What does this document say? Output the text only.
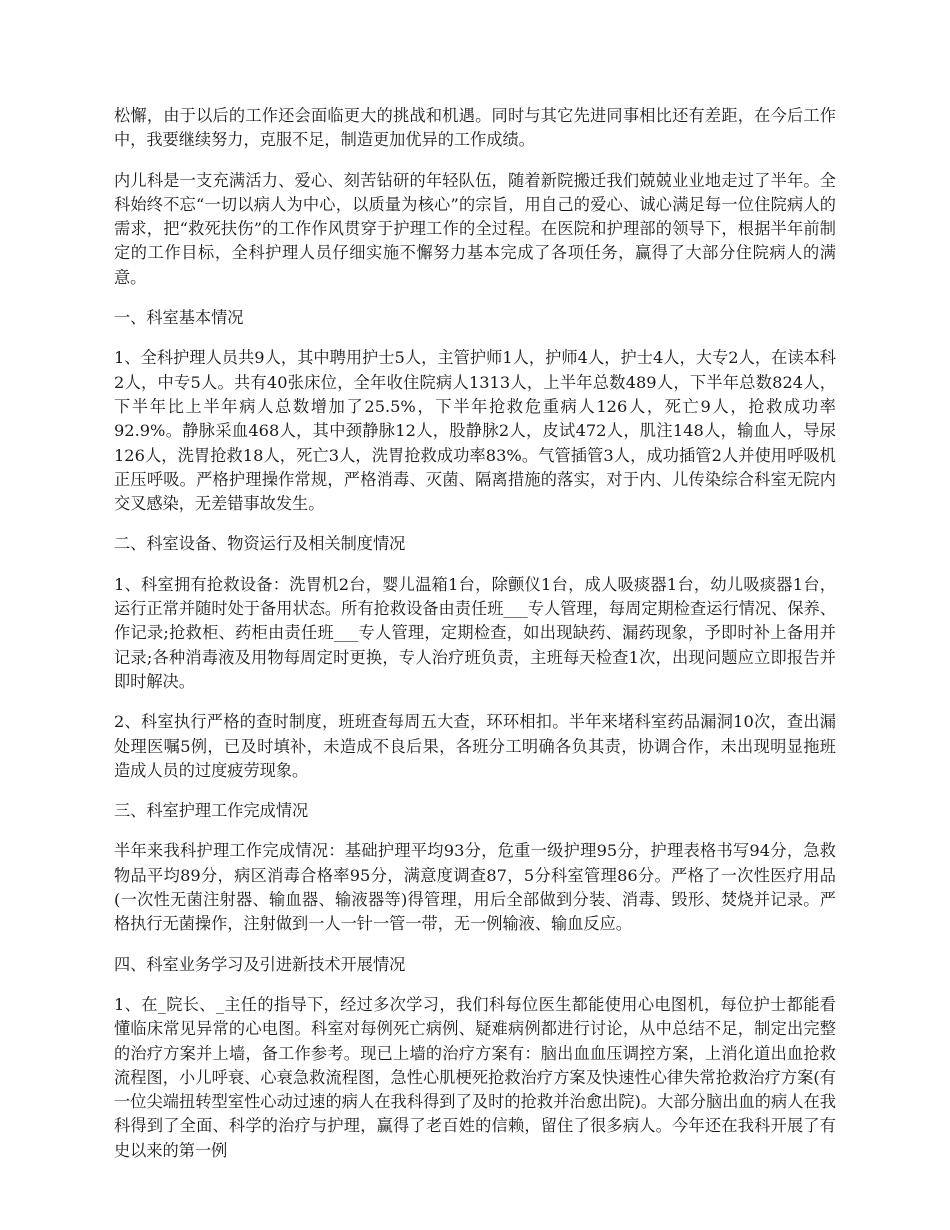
松懈，由于以后的工作还会面临更大的挑战和机遇。同时与其它先进同事相比还有差距，在今后工作中，我要继续努力，克服不足，制造更加优异的工作成绩。

内儿科是一支充满活力、爱心、刻苦钻研的年轻队伍，随着新院搬迁我们兢兢业业地走过了半年。全科始终不忘“一切以病人为中心，以质量为核心”的宗旨，用自己的爱心、诚心满足每一位住院病人的需求，把“救死扶伤”的工作作风贯穿于护理工作的全过程。在医院和护理部的领导下，根据半年前制定的工作目标，全科护理人员仔细实施不懈努力基本完成了各项任务，赢得了大部分住院病人的满意。

一、科室基本情况

1、全科护理人员共9人，其中聘用护士5人，主管护师1人，护师4人，护士4人，大专2人，在读本科2人，中专5人。共有40张床位，全年收住院病人1313人，上半年总数489人，下半年总数824人，下半年比上半年病人总数增加了25.5%，下半年抢救危重病人126人，死亡9人，抢救成功率92.9%。静脉采血468人，其中颈静脉12人，股静脉2人，皮试472人，肌注148人，输血人，导尿126人，洗胃抢救18人，死亡3人，洗胃抢救成功率83%。气管插管3人，成功插管2人并使用呼吸机正压呼吸。严格护理操作常规，严格消毒、灭菌、隔离措施的落实，对于内、儿传染综合科室无院内交叉感染，无差错事故发生。

二、科室设备、物资运行及相关制度情况

1、科室拥有抢救设备：洗胃机2台，婴儿温箱1台，除颤仪1台，成人吸痰器1台，幼儿吸痰器1台，运行正常并随时处于备用状态。所有抢救设备由责任班___专人管理，每周定期检查运行情况、保养、作记录;抢救柜、药柜由责任班___专人管理，定期检查，如出现缺药、漏药现象，予即时补上备用并记录;各种消毒液及用物每周定时更换，专人治疗班负责，主班每天检查1次，出现问题应立即报告并即时解决。

2、科室执行严格的查时制度，班班查每周五大查，环环相扣。半年来堵科室药品漏洞10次，查出漏处理医嘱5例，已及时填补，未造成不良后果，各班分工明确各负其责，协调合作，未出现明显拖班造成人员的过度疲劳现象。

三、科室护理工作完成情况

半年来我科护理工作完成情况：基础护理平均93分，危重一级护理95分，护理表格书写94分，急救物品平均89分，病区消毒合格率95分，满意度调查87，5分科室管理86分。严格了一次性医疗用品(一次性无菌注射器、输血器、输液器等)得管理，用后全部做到分装、消毒、毁形、焚烧并记录。严格执行无菌操作，注射做到一人一针一管一带，无一例输液、输血反应。

四、科室业务学习及引进新技术开展情况

1、在_院长、_主任的指导下，经过多次学习，我们科每位医生都能使用心电图机，每位护士都能看懂临床常见异常的心电图。科室对每例死亡病例、疑难病例都进行讨论，从中总结不足，制定出完整的治疗方案并上墙，备工作参考。现已上墙的治疗方案有：脑出血血压调控方案，上消化道出血抢救流程图，小儿呼衰、心衰急救流程图，急性心肌梗死抢救治疗方案及快速性心律失常抢救治疗方案(有一位尖端扭转型室性心动过速的病人在我科得到了及时的抢救并治愈出院)。大部分脑出血的病人在我科得到了全面、科学的治疗与护理，赢得了老百姓的信赖，留住了很多病人。今年还在我科开展了有史以来的第一例
